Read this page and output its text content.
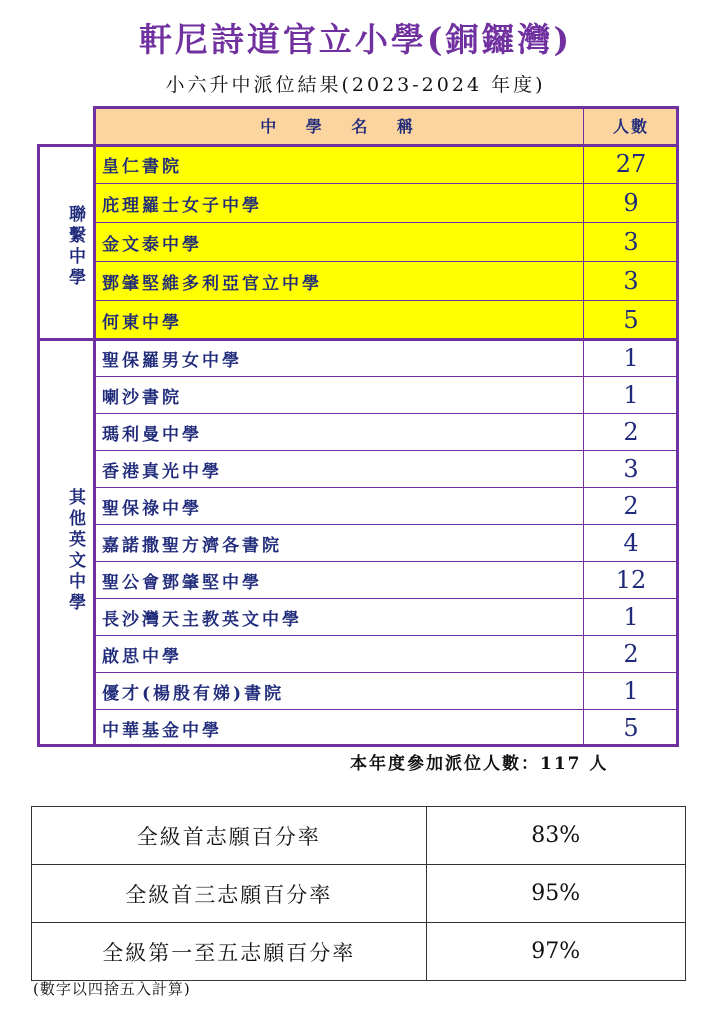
軒尼詩道官立小學(銅鑼灣)
小六升中派位結果(2023-2024 年度)
聯繫中學
其他英文中學
中 學 名 稱	人數
皇仁書院	27
庇理羅士女子中學	9
金文泰中學	3
鄧肇堅維多利亞官立中學	3
何東中學	5
聖保羅男女中學	1
喇沙書院	1
瑪利曼中學	2
香港真光中學	3
聖保祿中學	2
嘉諾撒聖方濟各書院	4
聖公會鄧肇堅中學	12
長沙灣天主教英文中學	1
啟思中學	2
優才(楊殷有娣)書院	1
中華基金中學	5
本年度參加派位人數：117 人
全級首志願百分率	83%
全級首三志願百分率	95%
全級第一至五志願百分率	97%
(數字以四捨五入計算)
